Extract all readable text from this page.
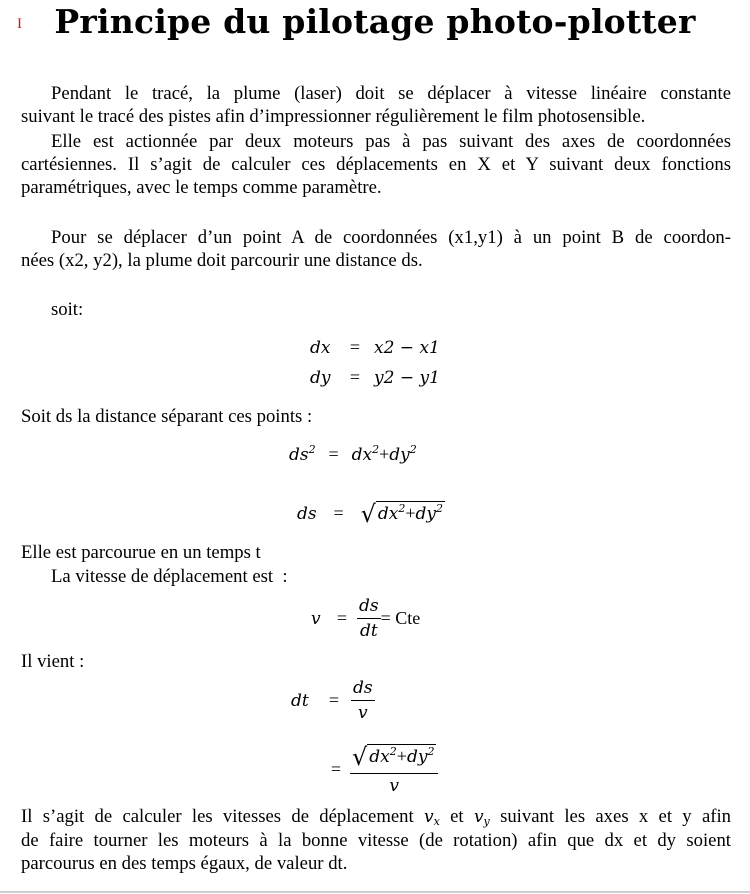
I Principe du pilotage photo-plotter
Pendant le tracé, la plume (laser) doit se déplacer à vitesse linéaire constante
suivant le tracé des pistes afin d’impressionner régulièrement le film photosensible.
Elle est actionnée par deux moteurs pas à pas suivant des axes de coordonnées
cartésiennes. Il s’agit de calculer ces déplacements en X et Y suivant deux fonctions
paramétriques, avec le temps comme paramètre.
Pour se déplacer d’un point A de coordonnées (x1,y1) à un point B de coordon-
nées (x2, y2), la plume doit parcourir une distance ds.
soit:
dx = x2 − x1
dy = y2 − y1
Soit ds la distance séparant ces points :
$ds^2 = dx^2+dy^2$
ds = √ $dx^2+dy^2$
Elle est parcourue en un temps t
La vitesse de déplacement est  :
$v = \frac{ds}{dt}$ = Cte
Il vient :
dt = $\frac{ds}{v}$
= $\frac{√ dx^2+dy^2}{v}$
Il s’agit de calculer les vitesses de déplacement $v_x$ et $v_y$ suivant les axes x et y afin
de faire tourner les moteurs à la bonne vitesse (de rotation) afin que dx et dy soient
parcourus en des temps égaux, de valeur dt.
